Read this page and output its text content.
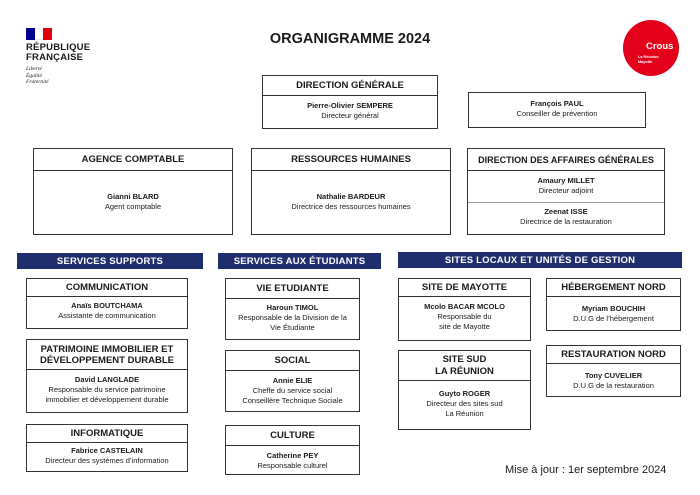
RÉPUBLIQUE
FRANÇAISE
Liberté
Égalité
Fraternité
ORGANIGRAMME 2024	Crous
La Réunion
Mayotte
DIRECTION GÉNÉRALE
Pierre-Olivier SEMPERE
Directeur général
François PAUL
Conseiller de prévention
AGENCE COMPTABLE
Gianni BLARD
Agent comptable
RESSOURCES HUMAINES
Nathalie BARDEUR
Directrice des ressources humaines
DIRECTION DES AFFAIRES GÉNÉRALES
Amaury MILLET
Directeur adjoint
Zeenat ISSE
Directrice de la restauration
SERVICES SUPPORTS	SERVICES AUX ÉTUDIANTS	SITES LOCAUX ET UNITÉS DE GESTION
COMMUNICATION
Anaïs BOUTCHAMA
Assistante de communication
PATRIMOINE IMMOBILIER ET
DÉVELOPPEMENT DURABLE
David LANGLADE
Responsable du service patrimoine
immobilier et développement durable
INFORMATIQUE
Fabrice CASTELAIN
Directeur des systèmes d’information
VIE ETUDIANTE
Haroun TIMOL
Responsable de la Division de la
Vie Étudiante
SOCIAL
Annie ELIE
Cheffe du service social
Conseillère Technique Sociale
CULTURE
Catherine PEY
Responsable culturel
SITE DE MAYOTTE
Mcolo BACAR MCOLO
Responsable du
site de Mayotte
SITE SUD
LA RÉUNION
Guyto ROGER
Directeur des sites sud
La Réunion
HÉBERGEMENT NORD
Myriam BOUCHIH
D.U.G de l’hébergement
RESTAURATION NORD
Tony CUVELIER
D.U.G de la restauration
Mise à jour : 1er septembre 2024
